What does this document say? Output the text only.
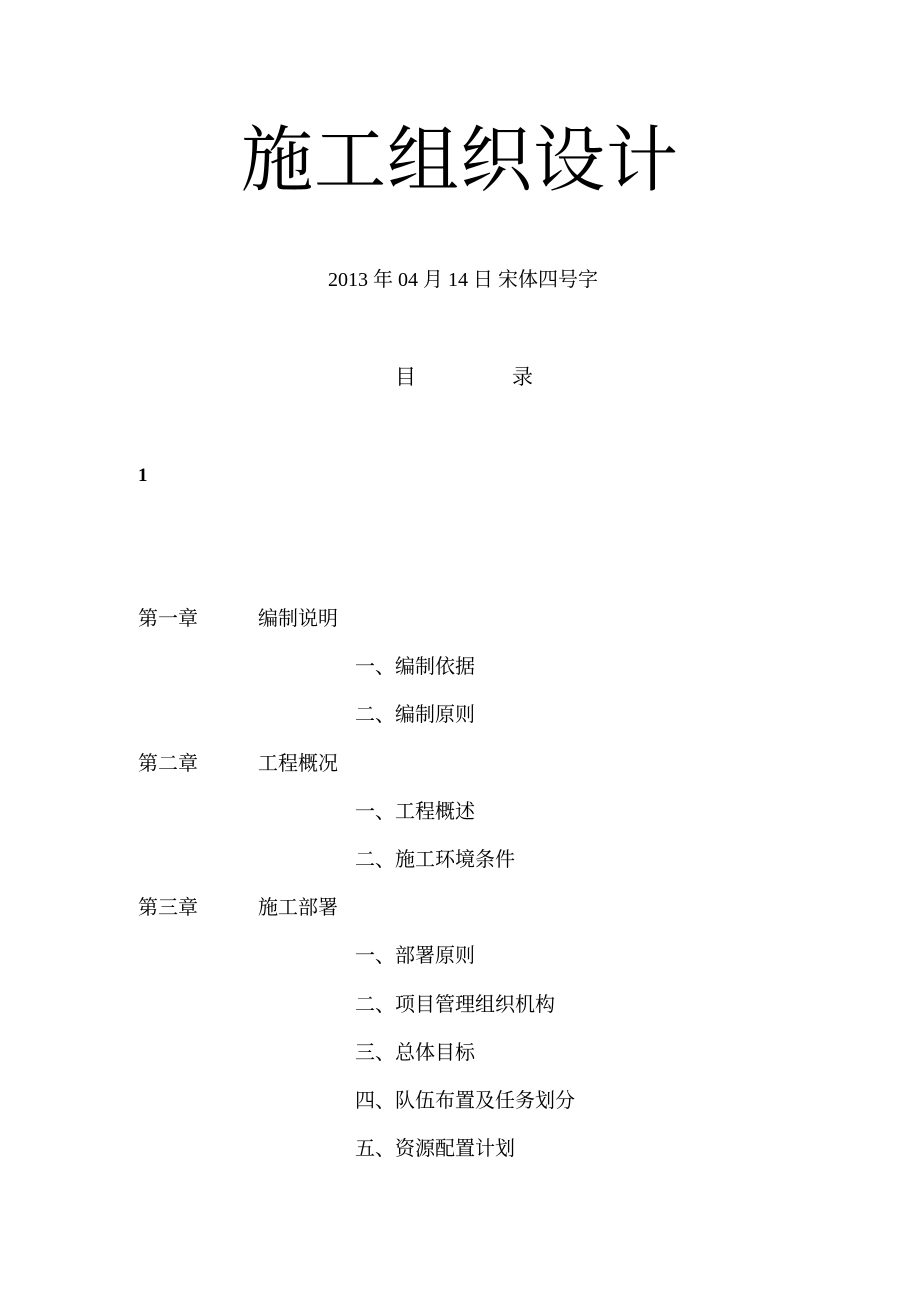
施工组织设计
2013 年 04 月 14 日 宋体四号字
目	录
1
第一章	编制说明
一、编制依据
二、编制原则
第二章	工程概况
一、工程概述
二、施工环境条件
第三章	施工部署
一、部署原则
二、项目管理组织机构
三、总体目标
四、队伍布置及任务划分
五、资源配置计划
